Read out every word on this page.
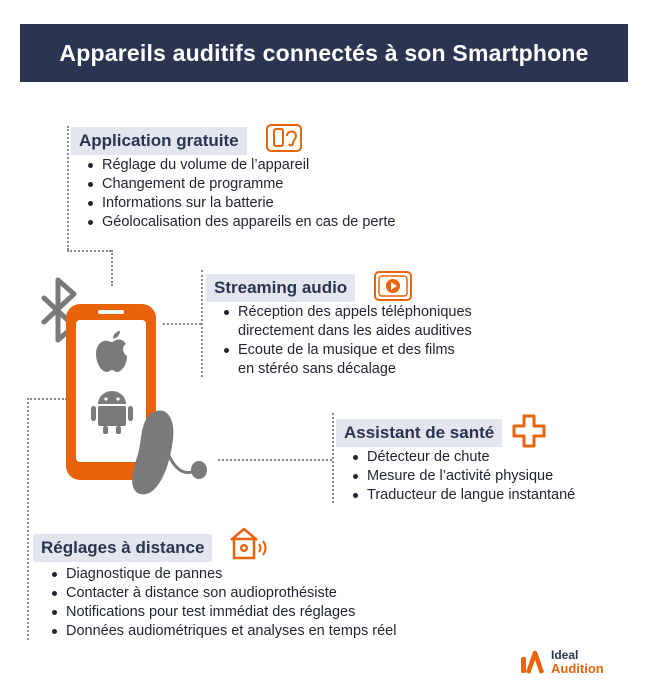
Appareils auditifs connectés à son Smartphone
Application gratuite
Réglage du volume de l’appareil
Changement de programme
Informations sur la batterie
Géolocalisation des appareils en cas de perte
Streaming audio
Réception des appels téléphoniques
directement dans les aides auditives
Ecoute de la musique et des films
en stéréo sans décalage
Assistant de santé
Détecteur de chute
Mesure de l’activité physique
Traducteur de langue instantané
Réglages à distance
Diagnostique de pannes
Contacter à distance son audioprothésiste
Notifications pour test immédiat des réglages
Données audiométriques et analyses en temps réel
Ideal
Audition
